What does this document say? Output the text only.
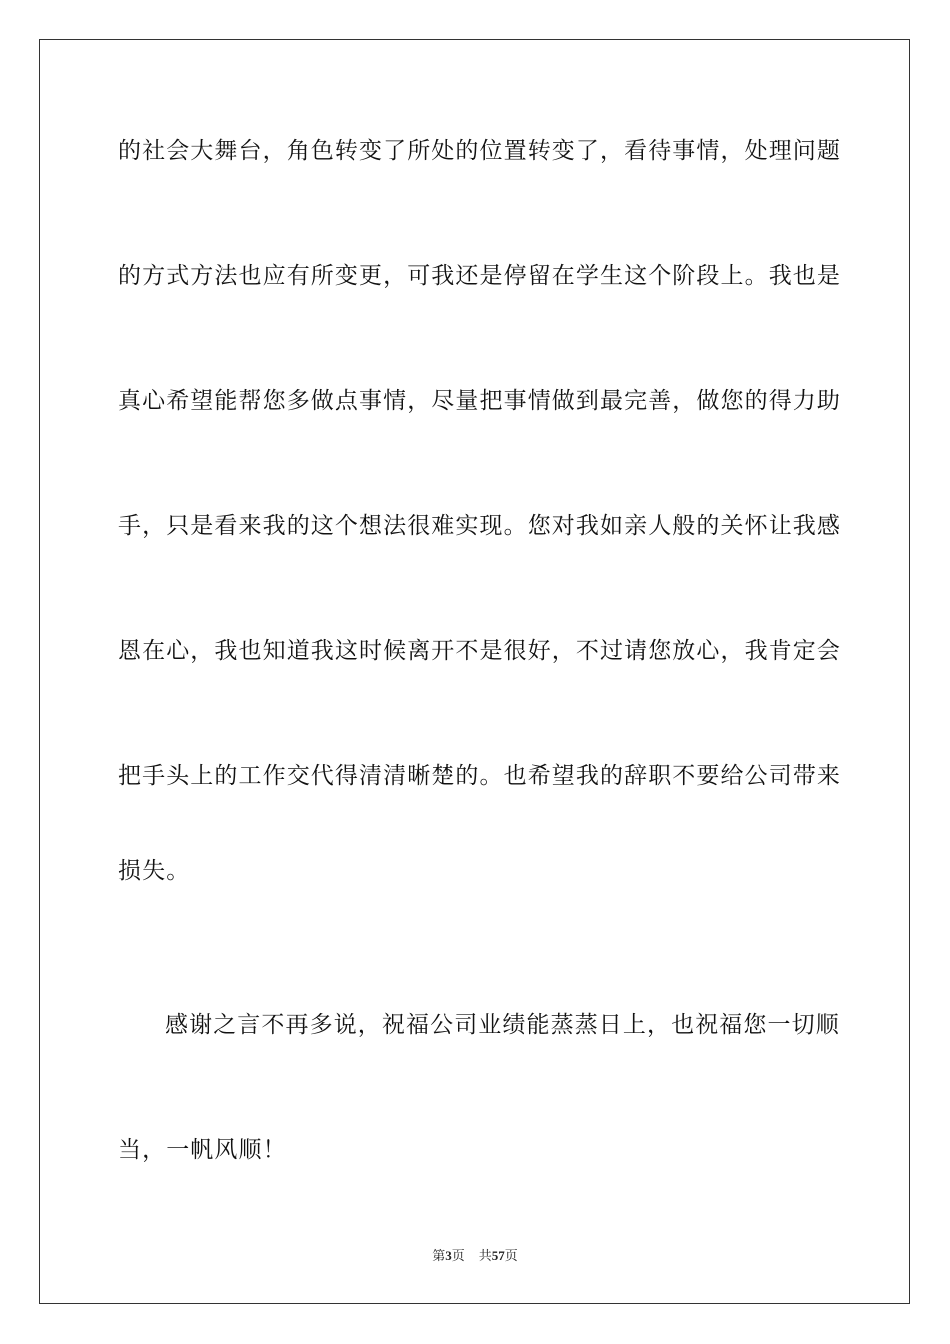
的社会大舞台，角色转变了所处的位置转变了，看待事情，处理问题
的方式方法也应有所变更，可我还是停留在学生这个阶段上。我也是
真心希望能帮您多做点事情，尽量把事情做到最完善，做您的得力助
手，只是看来我的这个想法很难实现。您对我如亲人般的关怀让我感
恩在心，我也知道我这时候离开不是很好，不过请您放心，我肯定会
把手头上的工作交代得清清晰楚的。也希望我的辞职不要给公司带来
损失。
感谢之言不再多说，祝福公司业绩能蒸蒸日上，也祝福您一切顺
当，一帆风顺！
第3页 共57页
